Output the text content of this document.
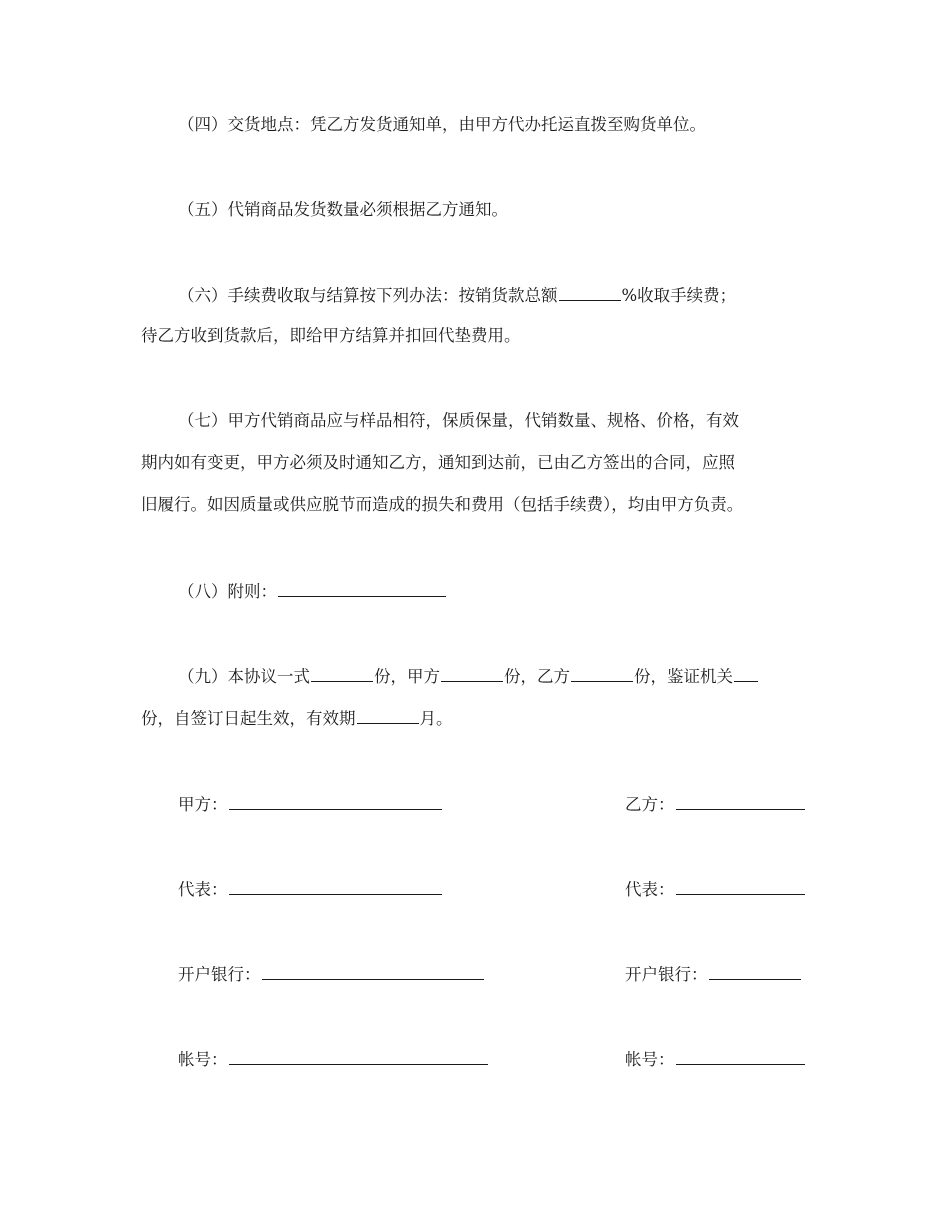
（四）交货地点：凭乙方发货通知单，由甲方代办托运直拨至购货单位。
（五）代销商品发货数量必须根据乙方通知。
（六）手续费收取与结算按下列办法：按销货款总额	%收取手续费；
待乙方收到货款后，即给甲方结算并扣回代垫费用。
（七）甲方代销商品应与样品相符，保质保量，代销数量、规格、价格，有效
期内如有变更，甲方必须及时通知乙方，通知到达前，已由乙方签出的合同，应照
旧履行。如因质量或供应脱节而造成的损失和费用（包括手续费），均由甲方负责。
（八）附则：
（九）本协议一式	份，甲方	份，乙方	份，鉴证机关
份，自签订日起生效，有效期	月。
甲方：	乙方：
代表：	代表：
开户银行：	开户银行：
帐号：	帐号：
